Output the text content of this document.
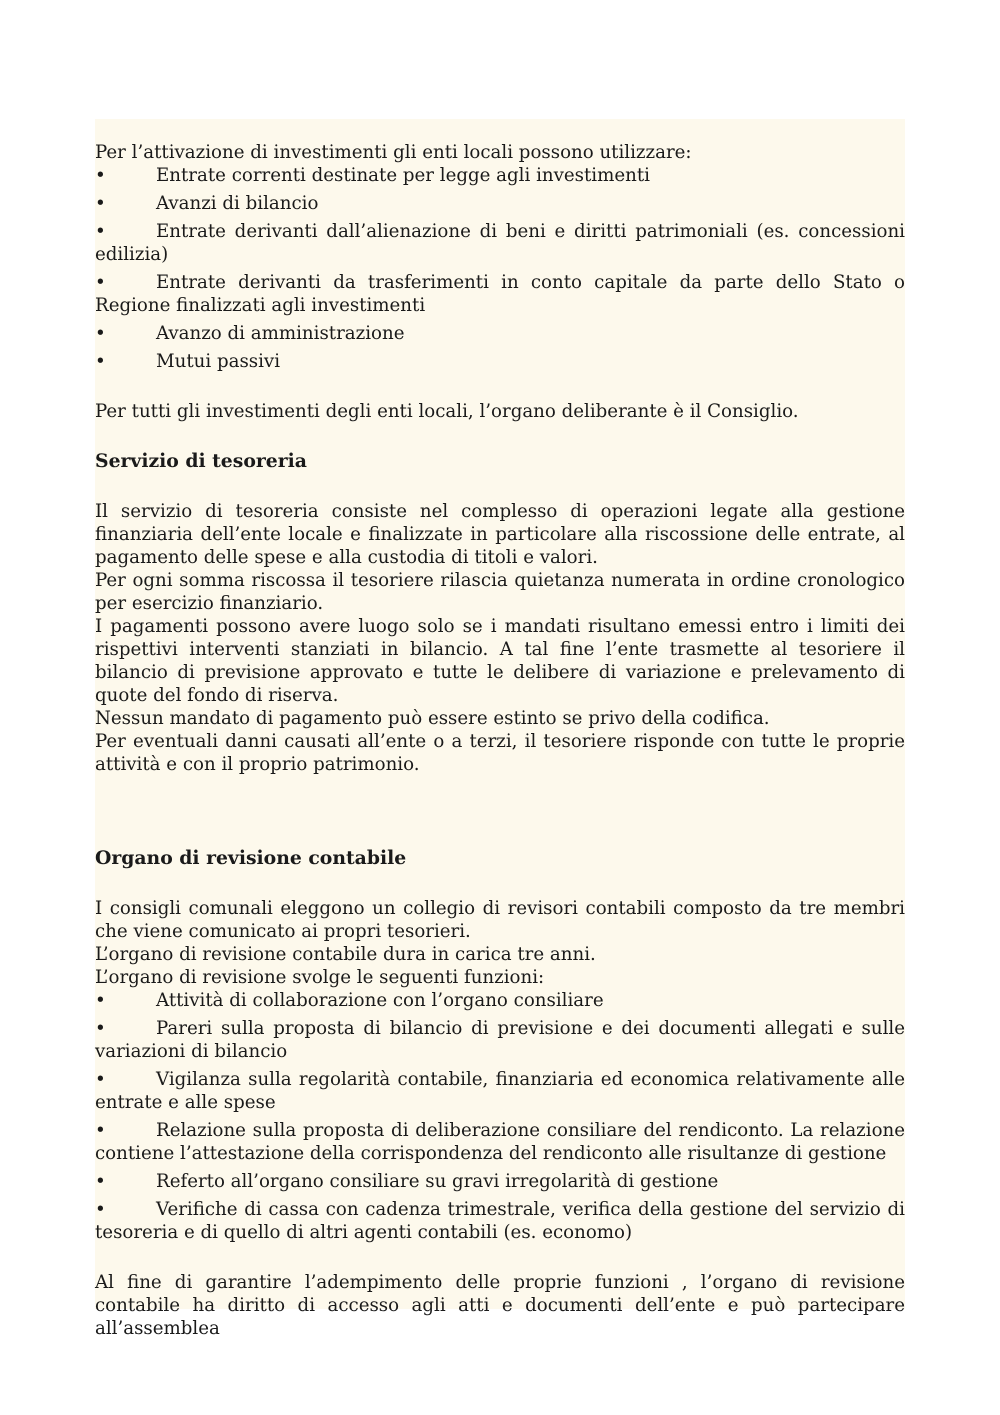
Per l’attivazione di investimenti gli enti locali possono utilizzare:

•	Entrate correnti destinate per legge agli investimenti

•	Avanzi di bilancio

•	Entrate derivanti dall’alienazione di beni e diritti patrimoniali (es. concessioni edilizia)

•	Entrate derivanti da trasferimenti in conto capitale da parte dello Stato o Regione finalizzati agli investimenti

•	Avanzo di amministrazione

•	Mutui passivi

Per tutti gli investimenti degli enti locali, l’organo deliberante è il Consiglio.

Servizio di tesoreria

Il servizio di tesoreria consiste nel complesso di operazioni legate alla gestione finanziaria dell’ente locale e finalizzate in particolare alla riscossione delle entrate, al pagamento delle spese e alla custodia di titoli e valori.

Per ogni somma riscossa il tesoriere rilascia quietanza numerata in ordine cronologico per esercizio finanziario.

I pagamenti possono avere luogo solo se i mandati risultano emessi entro i limiti dei rispettivi interventi stanziati in bilancio. A tal fine l’ente trasmette al tesoriere il bilancio di previsione approvato e tutte le delibere di variazione e prelevamento di quote del fondo di riserva.

Nessun mandato di pagamento può essere estinto se privo della codifica.

Per eventuali danni causati all’ente o a terzi, il tesoriere risponde con tutte le proprie attività e con il proprio patrimonio.

Organo di revisione contabile

I consigli comunali eleggono un collegio di revisori contabili composto da tre membri che viene comunicato ai propri tesorieri.

L’organo di revisione contabile dura in carica tre anni.

L’organo di revisione svolge le seguenti funzioni:

•	Attività di collaborazione con l’organo consiliare

•	Pareri sulla proposta di bilancio di previsione e dei documenti allegati e sulle variazioni di bilancio

•	Vigilanza sulla regolarità contabile, finanziaria ed economica relativamente alle entrate e alle spese

•	Relazione sulla proposta di deliberazione consiliare del rendiconto. La relazione contiene l’attestazione della corrispondenza del rendiconto alle risultanze di gestione

•	Referto all’organo consiliare su gravi irregolarità di gestione

•	Verifiche di cassa con cadenza trimestrale, verifica della gestione del servizio di tesoreria e di quello di altri agenti contabili (es. economo)

Al fine di garantire l’adempimento delle proprie funzioni , l’organo di revisione contabile ha diritto di accesso agli atti e documenti dell’ente e può partecipare all’assemblea
